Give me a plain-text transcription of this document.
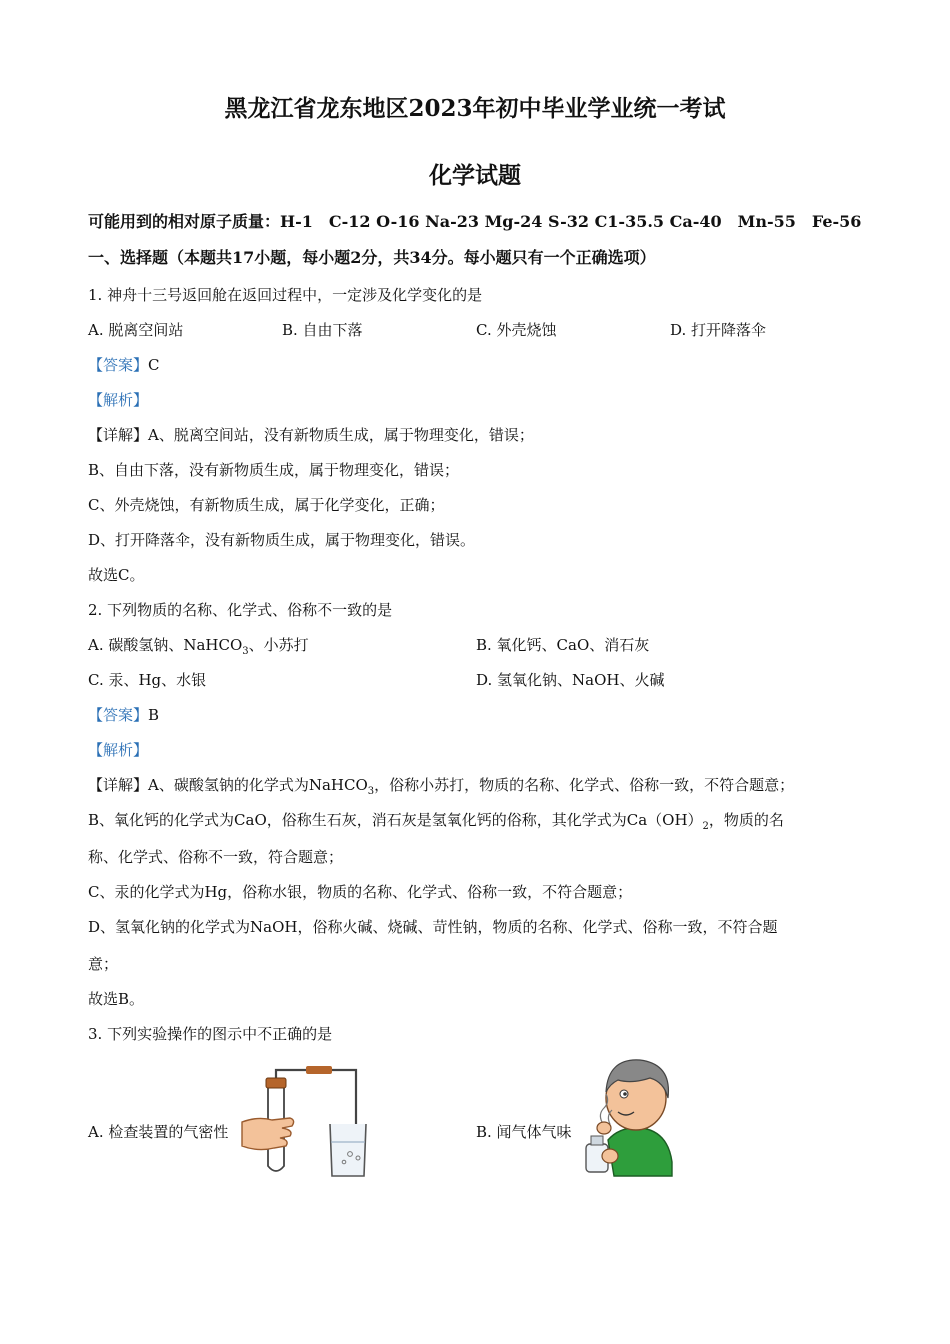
黑龙江省龙东地区2023年初中毕业学业统一考试
化学试题
可能用到的相对原子质量：H-1　C-12 O-16 Na-23 Mg-24 S-32 C1-35.5 Ca-40　Mn-55　Fe-56
一、选择题（本题共17小题，每小题2分，共34分。每小题只有一个正确选项）
1. 神舟十三号返回舱在返回过程中，一定涉及化学变化的是
A. 脱离空间站	B. 自由下落	C. 外壳烧蚀	D. 打开降落伞
【答案】C
【解析】
【详解】A、脱离空间站，没有新物质生成，属于物理变化，错误；
B、自由下落，没有新物质生成，属于物理变化，错误；
C、外壳烧蚀，有新物质生成，属于化学变化，正确；
D、打开降落伞，没有新物质生成，属于物理变化，错误。
故选C。
2. 下列物质的名称、化学式、俗称不一致的是
A. 碳酸氢钠、NaHCO$_3$、小苏打	B. 氧化钙、CaO、消石灰
C. 汞、Hg、水银	D. 氢氧化钠、NaOH、火碱
【答案】B
【解析】
【详解】A、碳酸氢钠的化学式为NaHCO$_3$，俗称小苏打，物质的名称、化学式、俗称一致，不符合题意；
B、氧化钙的化学式为CaO，俗称生石灰，消石灰是氢氧化钙的俗称，其化学式为$Ca(OH)_2$，物质的名
称、化学式、俗称不一致，符合题意；
C、汞的化学式为Hg，俗称水银，物质的名称、化学式、俗称一致，不符合题意；
D、氢氧化钠的化学式为NaOH，俗称火碱、烧碱、苛性钠，物质的名称、化学式、俗称一致，不符合题
意；
故选B。
3. 下列实验操作的图示中不正确的是
A. 检查装置的气密性	B. 闻气体气味
